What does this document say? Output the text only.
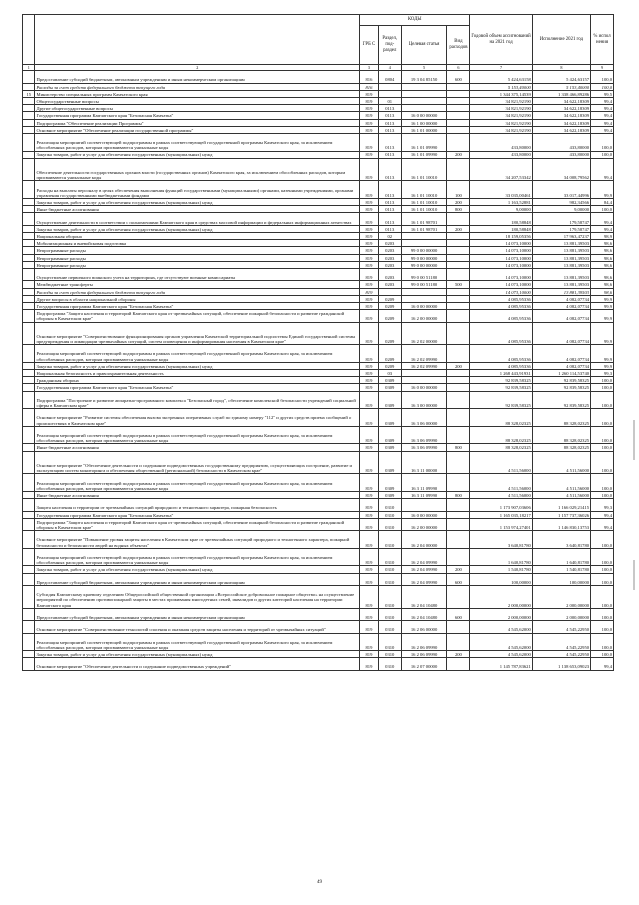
		КОДЫ				Годовой объем ассигнований на 2021 год	Исполнение 2021 год	% испол нения
		ГРБ С	Раздел, под-раздел	Целевая статья	Вид расходов			
1	2	3	4	5	6	7	8	9
	Предоставление субсидий бюджетным, автономным учреждениям и иным некоммерческим организациям	816	0804	19 3 04 85150	600	5 424,63158	5 424,63157	100,0
	Расходы за счет средств федерального бюджета текущего года	816				5 153,40000	5 153,40000	100,0
15	Министерство специальных программ Камчатского края	819				1 344 375,14539	1 338 466,89286	99,5
	Общегосударственные вопросы	819	01			34 821,92190	34 622,18309	99,4
	Другие общегосударственные вопросы	819	0113			34 821,92190	34 622,18309	99,4
	Государственная программа Камчатского края "Безопасная Камчатка"	819	0113	16 0 00 00000		34 821,92190	34 622,18309	99,4
	Подпрограмма "Обеспечение реализации Программы"	819	0113	16 1 00 00000		34 821,92190	34 622,18309	99,4
	Основное мероприятие "Обеспечение реализации государственной программы"	819	0113	16 1 01 00000		34 821,92190	34 622,18309	99,4
	Реализация мероприятий соответствующей подпрограммы в рамках соответствующей государственной программы Камчатского края, за исключением обособленных расходов, которым присваиваются уникальные коды	819	0113	16 1 01 09990		433,80000	433,80000	100,0
	Закупка товаров, работ и услуг для обеспечения государственных (муниципальных) нужд	819	0113	16 1 01 09990	200	433,80000	433,80000	100,0
	Обеспечение деятельности государственных органов власти (государственных органов) Камчатского края, за исключением обособленных расходов, которым присваиваются уникальные коды	819	0113	16 1 01 10010		34 207,53342	34 008,79562	99,4
	Расходы на выплаты персоналу в целях обеспечения выполнения функций государственными (муниципальными) органами, казенными учреждениями, органами управления государственными внебюджетными фондами	819	0113	16 1 01 10010	100	33 035,00461	33 017,44996	99,9
	Закупка товаров, работ и услуг для обеспечения государственных (муниципальных) нужд	819	0113	16 1 01 10010	200	1 163,52881	982,34566	84,4
	Иные бюджетные ассигнования	819	0113	16 1 01 10010	800	9,00000	9,00000	100,0
	Осуществление деятельности в соответствии с полномочиями Камчатского края в средствах массовой информации и федеральных информационных агентствах	819	0113	16 1 01 98701		180,58848	179,58747	99,4
	Закупка товаров, работ и услуг для обеспечения государственных (муниципальных) нужд	819	0113	16 1 01 98701	200	180,58848	179,58747	99,4
	Национальная оборона	819	02			18 159,05356	17 963,47237	98,9
	Мобилизационная и вневойсковая подготовка	819	0203			14 073,10000	13 881,39503	98,6
	Непрограммные расходы	819	0203	99 0 00 00000		14 073,10000	13 881,39503	98,6
	Непрограммные расходы	819	0203	99 0 00 00000		14 073,10000	13 881,39503	98,6
	Непрограммные расходы	819	0203	99 0 00 00000		14 073,10000	13 881,39503	98,6
	Осуществление первичного воинского учета на территориях, где отсутствуют военные комиссариаты	819	0203	99 0 00 51180		14 073,10000	13 881,39503	98,6
	Межбюджетные трансферты	819	0203	99 0 00 51180	500	14 073,10000	13 881,39503	98,6
	Расходы за счет средств федерального бюджета текущего года	819				14 073,10000	13 881,39503	98,6
	Другие вопросы в области национальной обороны	819	0209			4 085,95336	4 082,07734	99,9
	Государственная программа Камчатского края "Безопасная Камчатка"	819	0209	16 0 00 00000		4 085,95336	4 082,07734	99,9
	Подпрограмма "Защита населения и территорий Камчатского края от чрезвычайных ситуаций, обеспечение пожарной безопасности и развитие гражданской обороны в Камчатском крае"	819	0209	16 2 00 00000		4 085,95336	4 082,07734	99,9
	Основное мероприятие "Совершенствование функционирования органов управления Камчатской территориальной подсистемы Единой государственной системы предупреждения и ликвидации чрезвычайных ситуаций, систем оповещения и информирования населения в Камчатском крае"	819	0209	16 2 02 00000		4 085,95336	4 082,07734	99,9
	Реализация мероприятий соответствующей подпрограммы в рамках соответствующей государственной программы Камчатского края, за исключением обособленных расходов, которым присваиваются уникальные коды	819	0209	16 2 02 09990		4 085,95336	4 082,07734	99,9
	Закупка товаров, работ и услуг для обеспечения государственных (муниципальных) нужд	819	0209	16 2 02 09990	200	4 085,95336	4 082,07734	99,9
	Национальная безопасность и правоохранительная деятельность	819	03			1 268 443,91931	1 260 114,53740	99,3
	Гражданская оборона	819	0309			92 839,58325	92 839,58325	100,0
	Государственная программа Камчатского края "Безопасная Камчатка"	819	0309	16 0 00 00000		92 839,58325	92 839,58325	100,0
	Подпрограмма "Построение и развитие аппаратно-программного комплекса "Безопасный город", обеспечение комплексной безопасности учреждений социальной сферы в Камчатском крае"	819	0309	16 3 00 00000		92 839,58325	92 839,58325	100,0
	Основное мероприятие "Развитие системы обеспечения вызова экстренных оперативных служб по единому номеру "112" и других средств приема сообщений о происшествиях в Камчатском крае"	819	0309	16 3 06 00000		88 328,02325	88 328,02325	100,0
	Реализация мероприятий соответствующей подпрограммы в рамках соответствующей государственной программы Камчатского края, за исключением обособленных расходов, которым присваиваются уникальные коды	819	0309	16 3 06 09990		88 328,02325	88 328,02325	100,0
	Иные бюджетные ассигнования	819	0309	16 3 06 09990	800	88 328,02325	88 328,02325	100,0
	Основное мероприятие "Обеспечение деятельности и содержание подведомственных государственному предприятию, осуществляющих построение, развитие и эксплуатацию систем мониторинга и обеспечения общественной (региональной) безопасности в Камчатском крае"	819	0309	16 3 11 00000		4 511,56000	4 511,56000	100,0
	Реализация мероприятий соответствующей подпрограммы в рамках соответствующей государственной программы Камчатского края, за исключением обособленных расходов, которым присваиваются уникальные коды	819	0309	16 3 11 09990		4 511,56000	4 511,56000	100,0
	Иные бюджетные ассигнования	819	0309	16 3 11 09990	800	4 511,56000	4 511,56000	100,0
	Защита населения и территории от чрезвычайных ситуаций природного и техногенного характера, пожарная безопасность	819	0310			1 173 907,03606	1 166 029,21415	99,3
	Государственная программа Камчатского края "Безопасная Камчатка"	819	0310	16 0 00 00000		1 165 035,18217	1 157 737,36026	99,4
	Подпрограмма "Защита населения и территорий Камчатского края от чрезвычайных ситуаций, обеспечение пожарной безопасности и развитие гражданской обороны в Камчатском крае"	819	0310	16 2 00 00000		1 153 974,27401	1 146 830,13753	99,4
	Основное мероприятие "Повышение уровня защиты населения в Камчатском крае от чрезвычайных ситуаций природного и техногенного характера, пожарной безопасности и безопасности людей на водных объектах"	819	0310	16 2 04 00000		3 640,81780	3 640,81780	100,0
	Реализация мероприятий соответствующей подпрограммы в рамках соответствующей государственной программы Камчатского края, за исключением обособленных расходов, которым присваиваются уникальные коды	819	0310	16 2 04 09990		1 640,81780	1 640,81780	100,0
	Закупка товаров, работ и услуг для обеспечения государственных (муниципальных) нужд	819	0310	16 2 04 09990	200	1 540,81780	1 540,81780	100,0
	Предоставление субсидий бюджетным, автономным учреждениям и иным некоммерческим организациям	819	0310	16 2 04 09990	600	100,00000	100,00000	100,0
	Субсидия Камчатскому краевому отделению Общероссийской общественной организации «Всероссийское добровольное пожарное общество» на осуществление мероприятий по обеспечению противопожарной защиты в местах проживания многодетных семей, инвалидов и других категорий населения на территории Камчатского края	819	0310	16 2 04 10480		2 000,00000	2 000,00000	100,0
	Предоставление субсидий бюджетным, автономным учреждениям и иным некоммерческим организациям	819	0310	16 2 04 10480	600	2 000,00000	2 000,00000	100,0
	Основное мероприятие "Совершенствование технологий спасения и оказания средств защиты населения и территорий от чрезвычайных ситуаций"	819	0310	16 2 06 00000		4 545,62000	4 545,22950	100,0
	Реализация мероприятий соответствующей подпрограммы в рамках соответствующей государственной программы Камчатского края, за исключением обособленных расходов, которым присваиваются уникальные коды	819	0310	16 2 06 09990		4 545,62000	4 545,22950	100,0
	Закупка товаров, работ и услуг для обеспечения государственных (муниципальных) нужд	819	0310	16 2 06 09990	200	4 545,62000	4 545,22950	100,0
	Основное мероприятие "Обеспечение деятельности и содержание подведомственных учреждений"	819	0310	16 2 07 00000		1 145 787,83621	1 138 653,09023	99,4
49
